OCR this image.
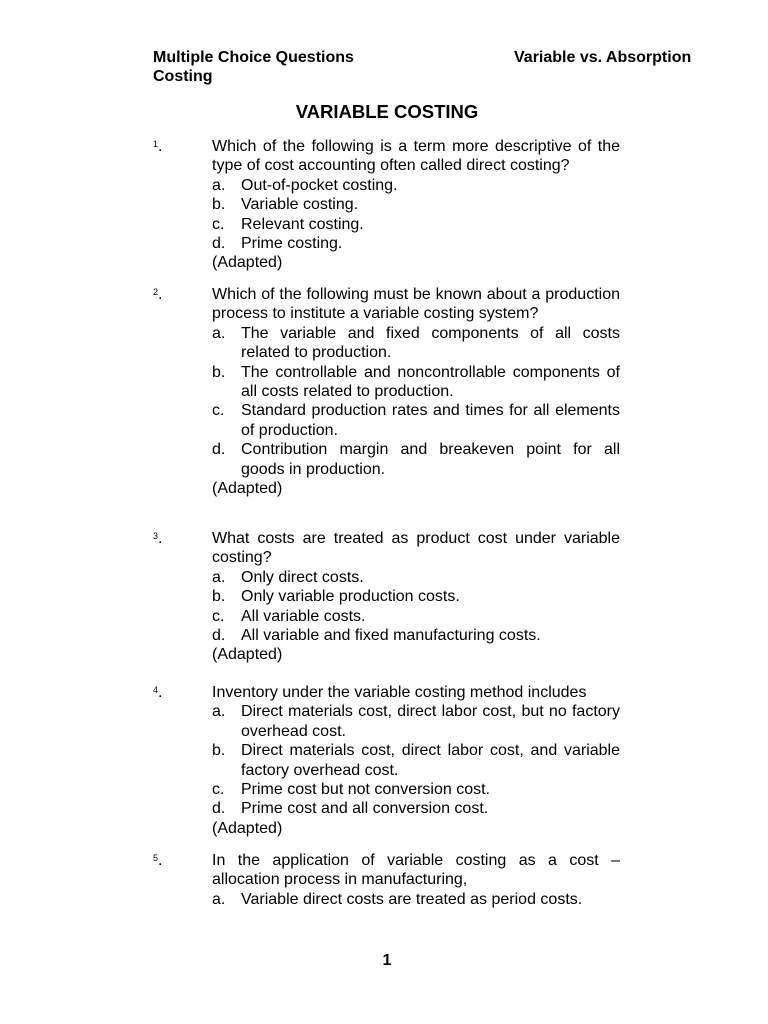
Multiple Choice Questions
Costing
Variable vs. Absorption
VARIABLE COSTING
$^1$.	Which of the following is a term more descriptive of the type of cost accounting often called direct costing?
a. Out-of-pocket costing.
b. Variable costing.
c.	Relevant costing.
d. Prime costing.
(Adapted)
$^2$.	Which of the following must be known about a production process to institute a variable costing system?
a. The variable and fixed components of all costs related to production.
b. The controllable and noncontrollable components of all costs related to production.
c.	Standard production rates and times for all elements of production.
d. Contribution margin and breakeven point for all goods in production.
(Adapted)
$^3$.	What costs are treated as product cost under variable costing?
a. Only direct costs.
b. Only variable production costs.
c.	All variable costs.
d. All variable and fixed manufacturing costs.
(Adapted)
$^4$.	Inventory under the variable costing method includes
a. Direct materials cost, direct labor cost, but no factory overhead cost.
b. Direct materials cost, direct labor cost, and variable factory overhead cost.
c.	Prime cost but not conversion cost.
d. Prime cost and all conversion cost.
(Adapted)
$^5$.	In the application of variable costing as a cost – allocation process in manufacturing,
a. Variable direct costs are treated as period costs.
1
